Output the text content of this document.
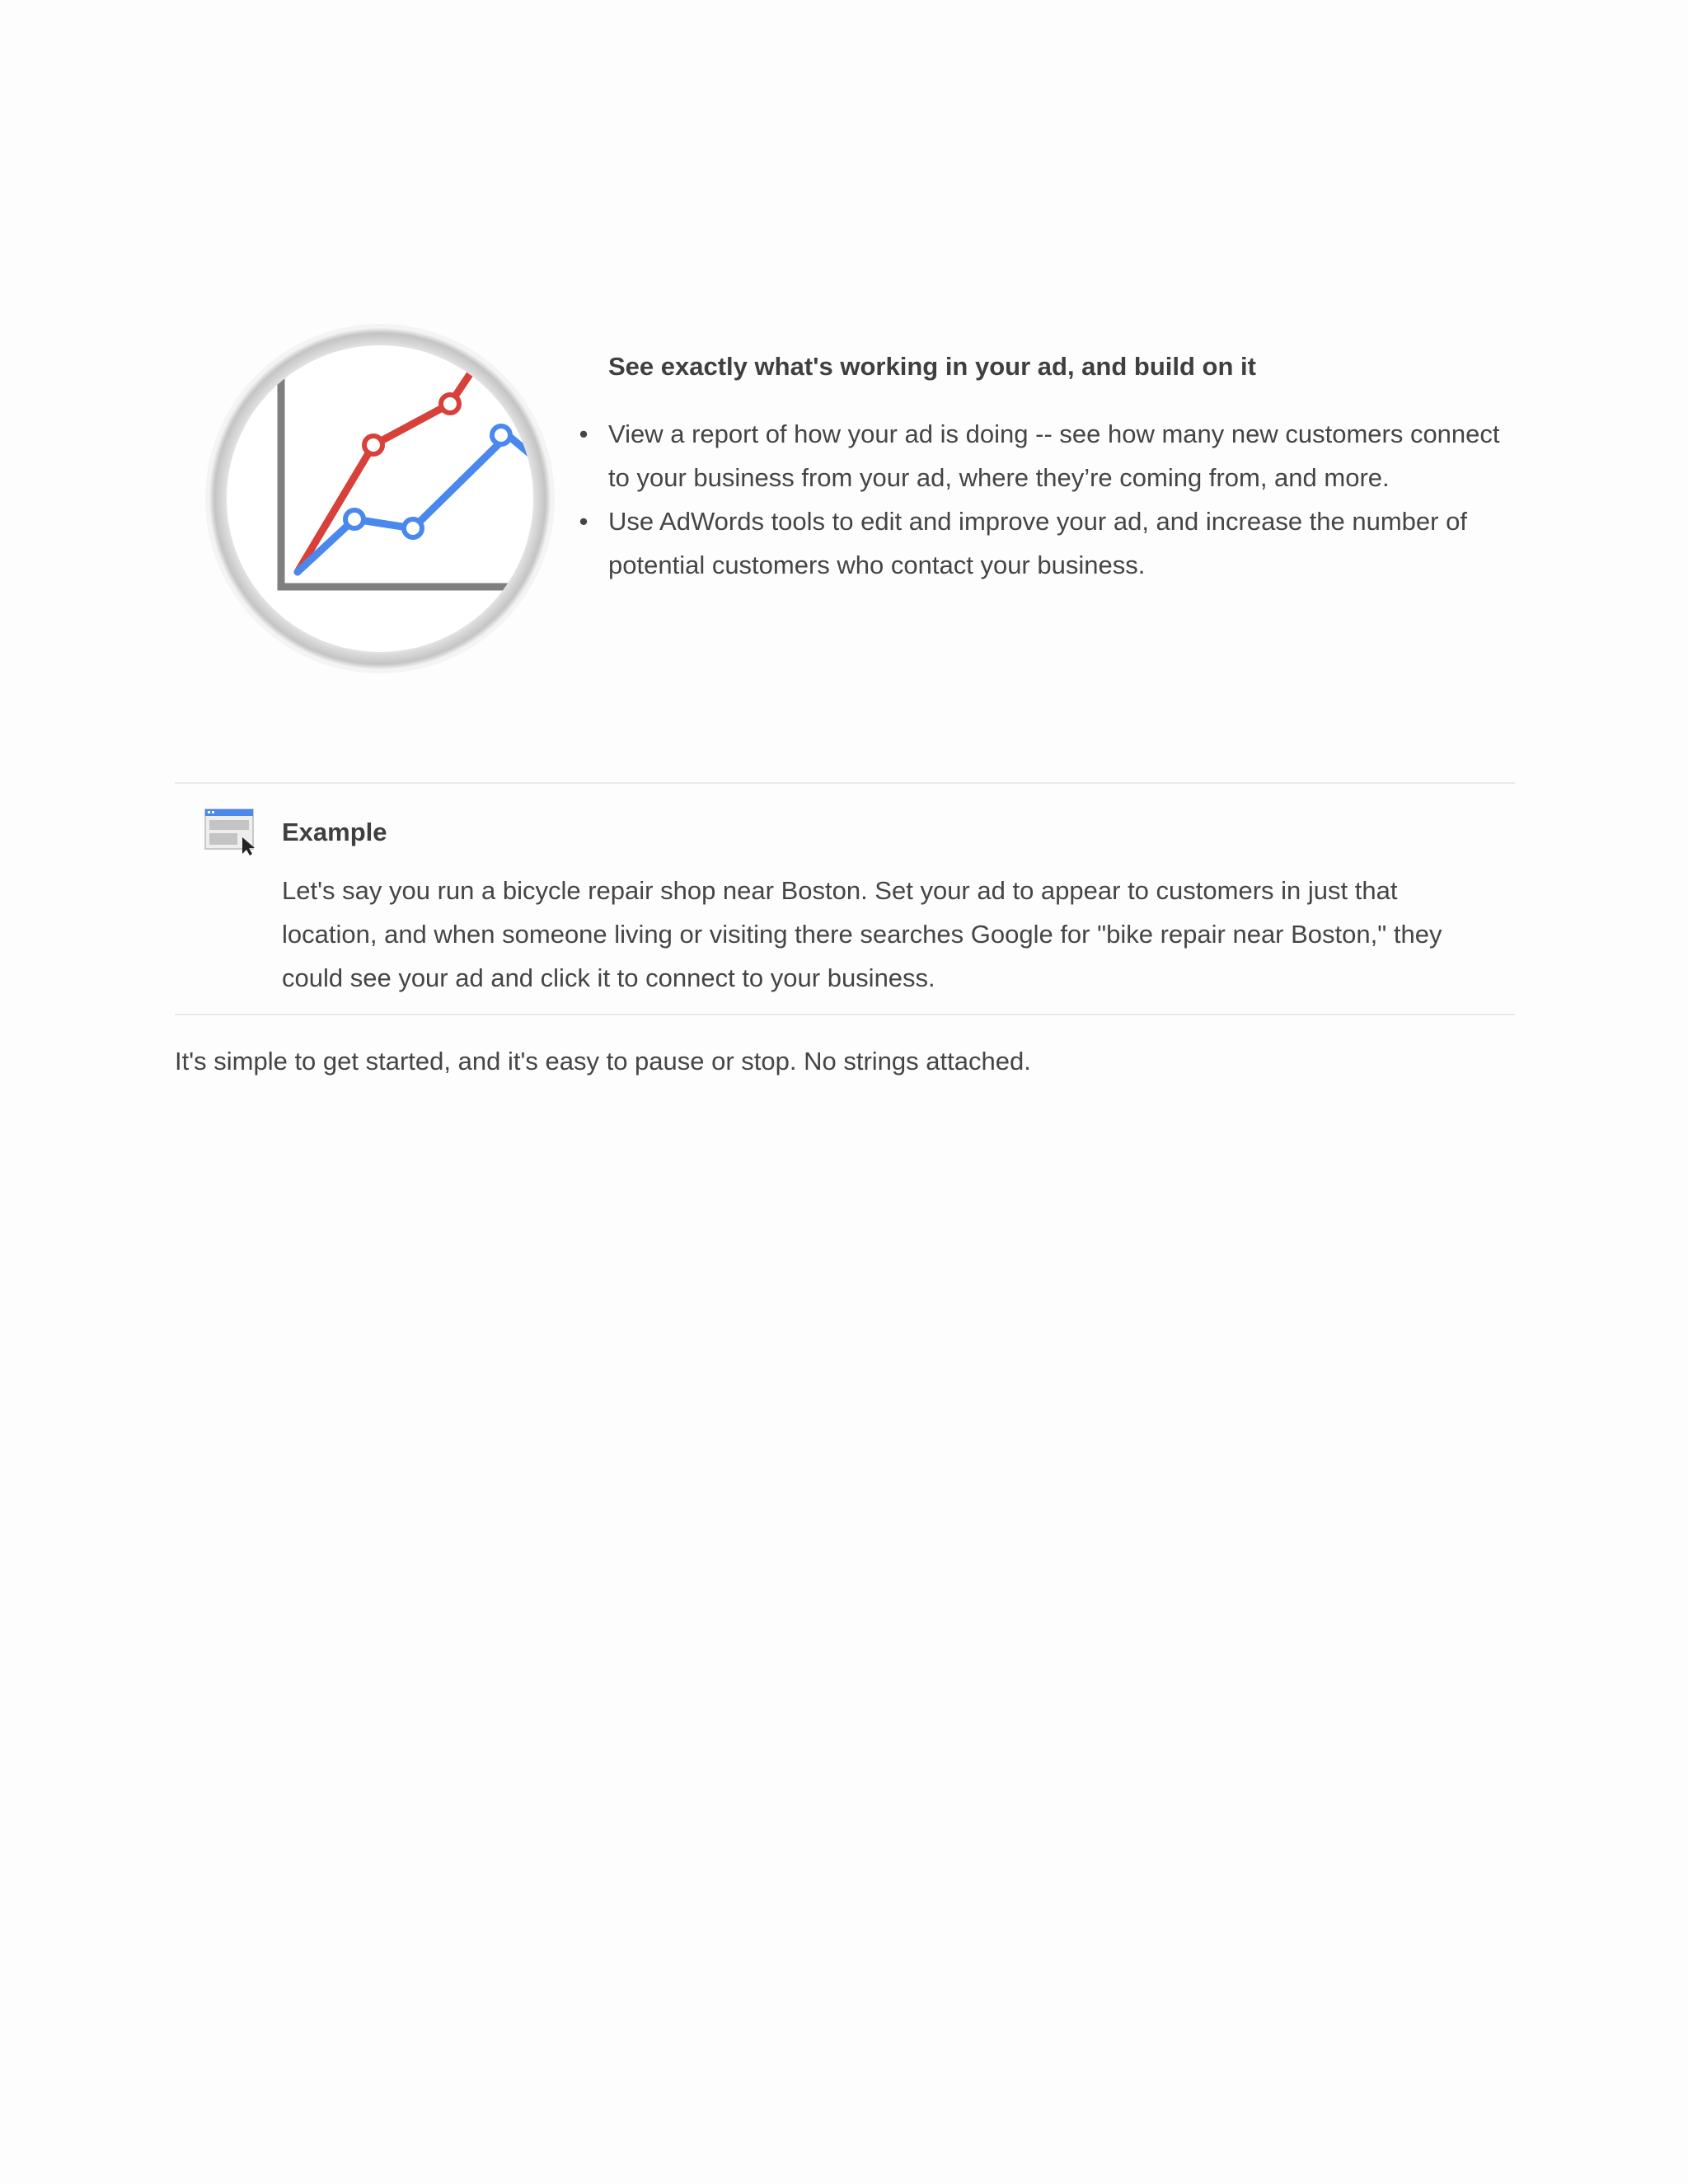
See exactly what's working in your ad, and build on it
• View a report of how your ad is doing -- see how many new customers connect to your business from your ad, where they’re coming from, and more.
• Use AdWords tools to edit and improve your ad, and increase the number of potential customers who contact your business.
Example
Let's say you run a bicycle repair shop near Boston. Set your ad to appear to customers in just that location, and when someone living or visiting there searches Google for "bike repair near Boston," they could see your ad and click it to connect to your business.
It's simple to get started, and it's easy to pause or stop. No strings attached.
